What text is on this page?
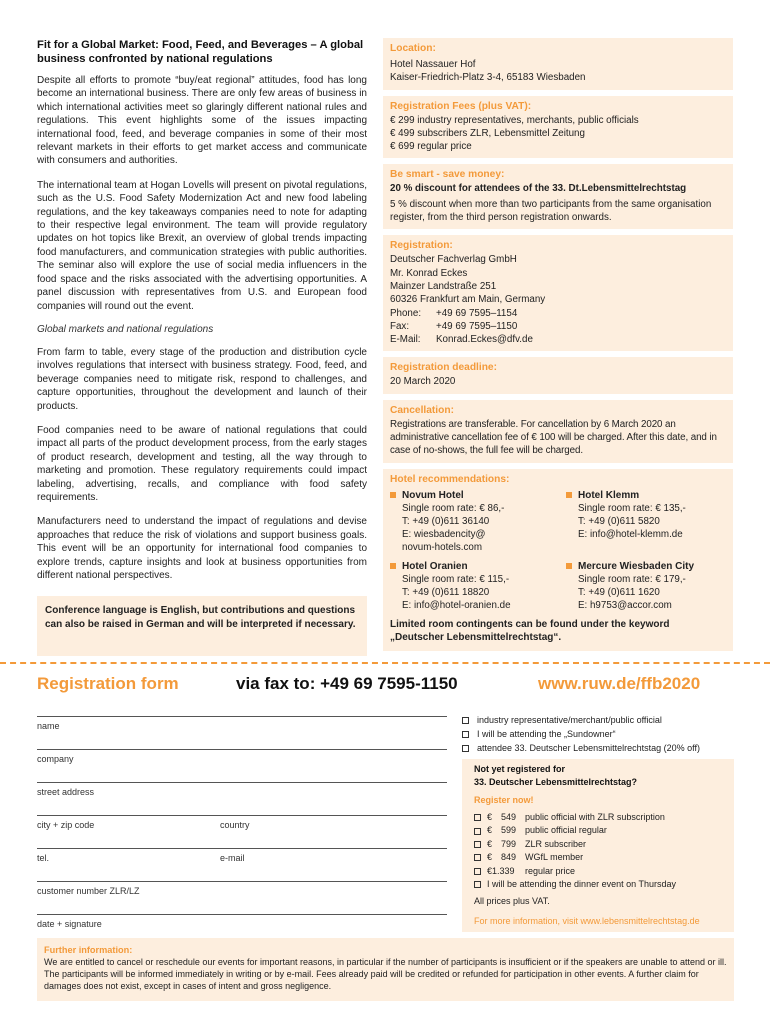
Fit for a Global Market: Food, Feed, and Beverages – A global business confronted by national regulations

Despite all efforts to promote “buy/eat regional” attitudes, food has long become an international business. There are only few areas of business in which international activities meet so glaringly different national rules and regulations. This event highlights some of the issues impacting international food, feed, and beverage companies in some of their most relevant markets in their efforts to get market access and communicate with consumers and authorities.

The international team at Hogan Lovells will present on pivotal regulations, such as the U.S. Food Safety Modernization Act and new food labeling regulations, and the key takeaways companies need to note for adapting to their respective legal environment. The team will provide regulatory updates on hot topics like Brexit, an overview of global trends impacting food manufacturers, and communication strategies with public authorities. The seminar also will explore the use of social media influencers in the food space and the risks associated with the advertising opportunities. A panel discussion with representatives from U.S. and European food companies will round out the event.

Global markets and national regulations

From farm to table, every stage of the production and distribution cycle involves regulations that intersect with business strategy. Food, feed, and beverage companies need to mitigate risk, respond to challenges, and capture opportunities, throughout the development and launch of their products.

Food companies need to be aware of national regulations that could impact all parts of the product development process, from the early stages of product research, development and testing, all the way through to marketing and promotion. These regulatory requirements could impact labeling, advertising, recalls, and compliance with food safety requirements.

Manufacturers need to understand the impact of regulations and devise approaches that reduce the risk of violations and support business goals. This event will be an opportunity for international food companies to explore trends, capture insights and look at business opportunities from different national perspectives.

Conference language is English, but contributions and questions can also be raised in German and will be interpreted if necessary.
Location:
Hotel Nassauer Hof
Kaiser-Friedrich-Platz 3-4, 65183 Wiesbaden
Registration Fees (plus VAT):
€ 299 industry representatives, merchants, public officials
€ 499 subscribers ZLR, Lebensmittel Zeitung
€ 699 regular price
Be smart - save money:
20 % discount for attendees of the 33. Dt.Lebensmittelrechtstag
5 % discount when more than two participants from the same organisation register, from the third person registration onwards.
Registration:
Deutscher Fachverlag GmbH
Mr. Konrad Eckes
Mainzer Landstraße 251
60326 Frankfurt am Main, Germany
Phone:	+49 69 7595–1154
Fax:	+49 69 7595–1150
E-Mail:	Konrad.Eckes@dfv.de
Registration deadline:
20 March 2020
Cancellation:
Registrations are transferable. For cancellation by 6 March 2020 an administrative cancellation fee of € 100 will be charged. After this date, and in case of no-shows, the full fee will be charged.
Hotel recommendations:
Novum Hotel
Single room rate: € 86,-
T: +49 (0)611 36140
E: wiesbadencity@
novum-hotels.com
Hotel Klemm
Single room rate: € 135,-
T: +49 (0)611 5820
E: info@hotel-klemm.de
Hotel Oranien
Single room rate: € 115,-
T: +49 (0)611 18820
E: info@hotel-oranien.de
Mercure Wiesbaden City
Single room rate: € 179,-
T: +49 (0)611 1620
E: h9753@accor.com
Limited room contingents can be found under the keyword „Deutscher Lebensmittelrechtstag“.
Registration form	via fax to: +49 69 7595-1150	www.ruw.de/ffb2020
name
company
street address
city + zip code	country
tel.	e-mail
customer number ZLR/LZ
date + signature
industry representative/merchant/public official
I will be attending the „Sundowner“
attendee 33. Deutscher Lebensmittelrechtstag (20% off)
Not yet registered for
33. Deutscher Lebensmittelrechtstag?
Register now!
€ 549 public official with ZLR subscription
€ 599 public official regular
€ 799 ZLR subscriber
€ 849 WGfL member
€1.339	regular price
I will be attending the dinner event on Thursday
All prices plus VAT.
For more information, visit www.lebensmittelrechtstag.de
Further information:
We are entitled to cancel or reschedule our events for important reasons, in particular if the number of participants is insufficient or if the speakers are unable to attend or ill. The participants will be informed immediately in writing or by e-mail. Fees already paid will be credited or refunded for participation in other events. A further claim for damages does not exist, except in cases of intent and gross negligence.
